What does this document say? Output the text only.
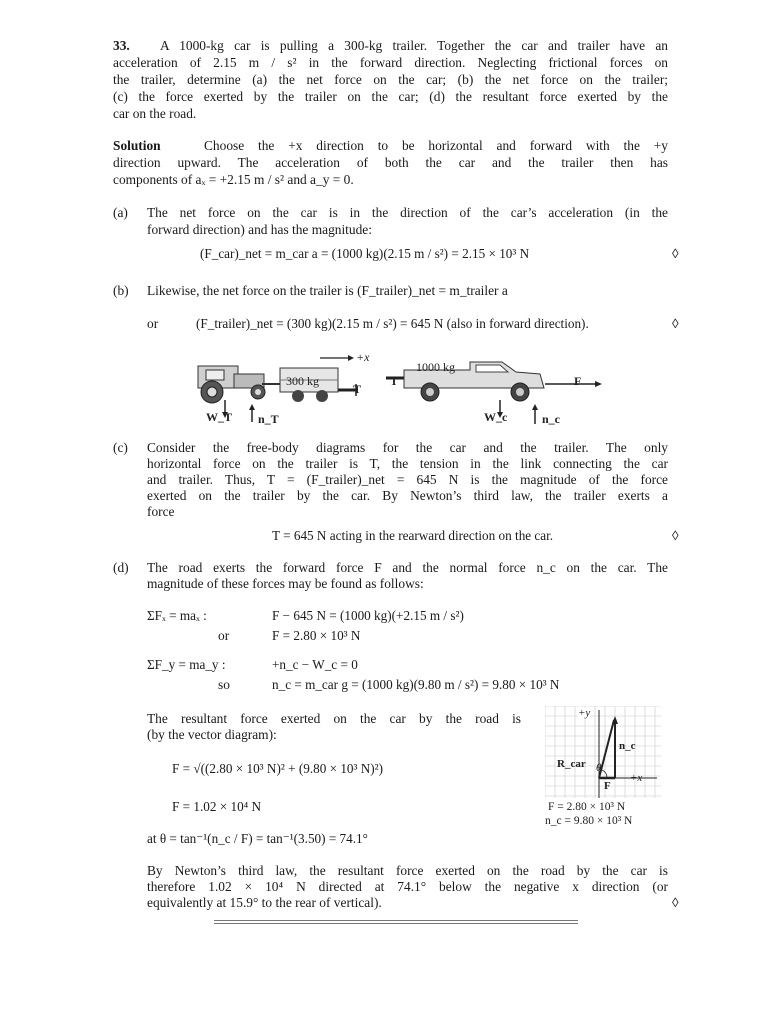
33. A 1000-kg car is pulling a 300-kg trailer. Together the car and trailer have an
acceleration of 2.15 m / s² in the forward direction. Neglecting frictional forces on
the trailer, determine (a) the net force on the car; (b) the net force on the trailer;
(c) the force exerted by the trailer on the car; (d) the resultant force exerted by the
car on the road.
Solution	Choose the +x direction to be horizontal and forward with the +y
direction upward. The acceleration of both the car and the trailer then has
components of aₓ = +2.15 m / s² and a_y = 0.
(a) The net force on the car is in the direction of the car’s acceleration (in the
forward direction) and has the magnitude:
(F_car)_net = m_car a = (1000 kg)(2.15 m / s²) = 2.15 × 10³ N	◊
(b) Likewise, the net force on the trailer is (F_trailer)_net = m_trailer a
or	(F_trailer)_net = (300 kg)(2.15 m / s²) = 645 N (also in forward direction).	◊
+x
300 kg
1000 kg
T
T	F
W_T n_T	W_c	n_c
(c) Consider the free-body diagrams for the car and the trailer. The only
horizontal force on the trailer is T, the tension in the link connecting the car
and trailer. Thus, T = (F_trailer)_net = 645 N is the magnitude of the force
exerted on the trailer by the car. By Newton’s third law, the trailer exerts a
force
T = 645 N acting in the rearward direction on the car.	◊
(d) The road exerts the forward force F and the normal force n_c on the car. The
magnitude of these forces may be found as follows:
ΣFₓ = maₓ :	F − 645 N = (1000 kg)(+2.15 m / s²)
or	F = 2.80 × 10³ N
ΣF_y = ma_y :	+n_c − W_c = 0
so	n_c = m_car g = (1000 kg)(9.80 m / s²) = 9.80 × 10³ N
The resultant force exerted on the car by the road is
(by the vector diagram):
F = √((2.80 × 10³ N)² + (9.80 × 10³ N)²)
F = 1.02 × 10⁴ N
at θ = tan⁻¹(n_c / F) = tan⁻¹(3.50) = 74.1°
+y
n_c
R_car θ
+x
F
F = 2.80 × 10³ N
n_c = 9.80 × 10³ N
By Newton’s third law, the resultant force exerted on the road by the car is
therefore 1.02 × 10⁴ N directed at 74.1° below the negative x direction (or
equivalently at 15.9° to the rear of vertical).	◊
